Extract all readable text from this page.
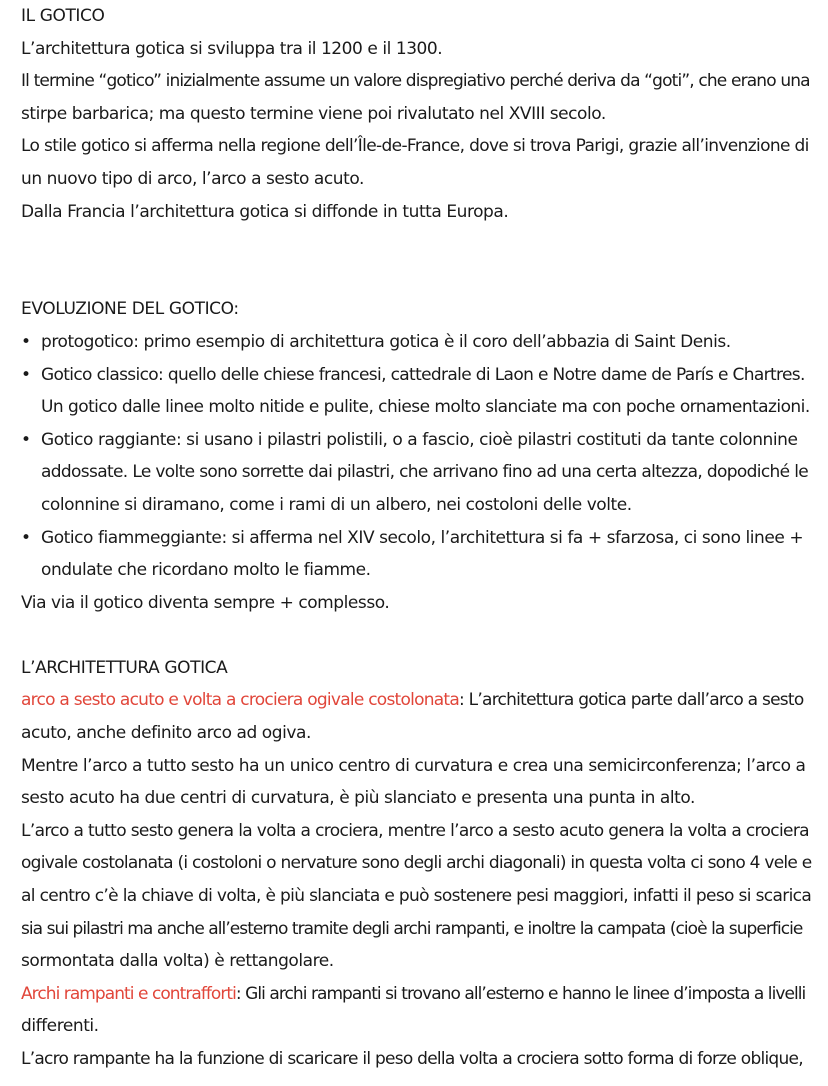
IL GOTICO
L’architettura gotica si sviluppa tra il 1200 e il 1300.
Il termine “gotico” inizialmente assume un valore dispregiativo perché deriva da “goti”, che erano una
stirpe barbarica; ma questo termine viene poi rivalutato nel XVIII secolo.
Lo stile gotico si afferma nella regione dell’Île-de-France, dove si trova Parigi, grazie all’invenzione di
un nuovo tipo di arco, l’arco a sesto acuto.
Dalla Francia l’architettura gotica si diffonde in tutta Europa.
EVOLUZIONE DEL GOTICO:
• protogotico: primo esempio di architettura gotica è il coro dell’abbazia di Saint Denis.
• Gotico classico: quello delle chiese francesi, cattedrale di Laon e Notre dame de París e Chartres.
Un gotico dalle linee molto nitide e pulite, chiese molto slanciate ma con poche ornamentazioni.
• Gotico raggiante: si usano i pilastri polistili, o a fascio, cioè pilastri costituti da tante colonnine
addossate. Le volte sono sorrette dai pilastri, che arrivano fino ad una certa altezza, dopodiché le
colonnine si diramano, come i rami di un albero, nei costoloni delle volte.
• Gotico fiammeggiante: si afferma nel XIV secolo, l’architettura si fa + sfarzosa, ci sono linee +
ondulate che ricordano molto le fiamme.
Via via il gotico diventa sempre + complesso.
L’ARCHITETTURA GOTICA
arco a sesto acuto e volta a crociera ogivale costolonata: L’architettura gotica parte dall’arco a sesto
acuto, anche definito arco ad ogiva.
Mentre l’arco a tutto sesto ha un unico centro di curvatura e crea una semicirconferenza; l’arco a
sesto acuto ha due centri di curvatura, è più slanciato e presenta una punta in alto.
L’arco a tutto sesto genera la volta a crociera, mentre l’arco a sesto acuto genera la volta a crociera
ogivale costolanata (i costoloni o nervature sono degli archi diagonali) in questa volta ci sono 4 vele e
al centro c’è la chiave di volta, è più slanciata e può sostenere pesi maggiori, infatti il peso si scarica
sia sui pilastri ma anche all’esterno tramite degli archi rampanti, e inoltre la campata (cioè la superficie
sormontata dalla volta) è rettangolare.
Archi rampanti e contrafforti: Gli archi rampanti si trovano all’esterno e hanno le linee d’imposta a livelli
differenti.
L’acro rampante ha la funzione di scaricare il peso della volta a crociera sotto forma di forze oblique,
